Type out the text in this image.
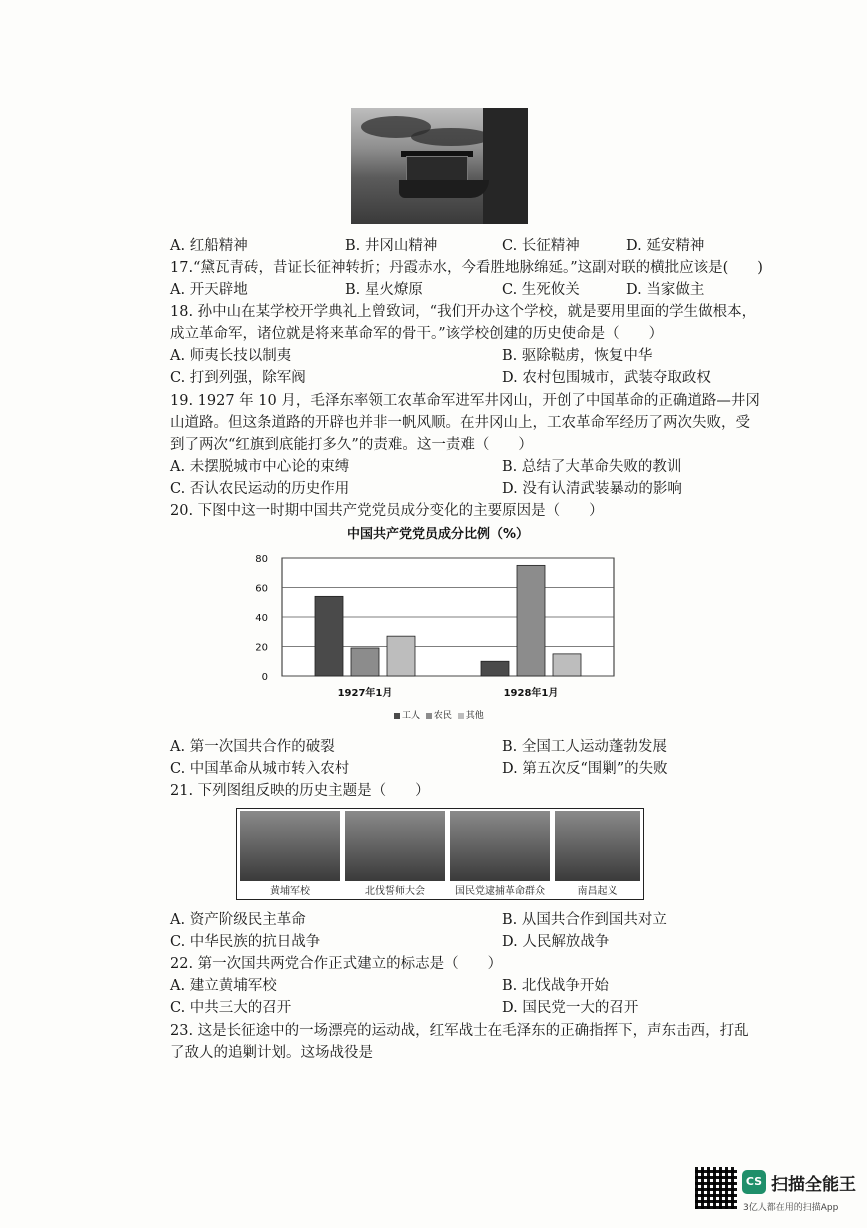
A. 红船精神	B. 井冈山精神	C. 长征精神	D. 延安精神
17.“黛瓦青砖，昔证长征神转折；丹霞赤水，今看胜地脉绵延。”这副对联的横批应该是(　　)
A. 开天辟地	B. 星火燎原	C. 生死攸关	D. 当家做主
18. 孙中山在某学校开学典礼上曾致词，“我们开办这个学校，就是要用里面的学生做根本，
成立革命军，诸位就是将来革命军的骨干。”该学校创建的历史使命是（　　）
A. 师夷长技以制夷	B. 驱除鞑虏，恢复中华
C. 打到列强，除军阀	D. 农村包围城市，武装夺取政权
19. 1927 年 10 月，毛泽东率领工农革命军进军井冈山，开创了中国革命的正确道路—井冈
山道路。但这条道路的开辟也并非一帆风顺。在井冈山上，工农革命军经历了两次失败，受
到了两次“红旗到底能打多久”的责难。这一责难（　　）
A. 未摆脱城市中心论的束缚	B. 总结了大革命失败的教训
C. 否认农民运动的历史作用	D. 没有认清武装暴动的影响
20. 下图中这一时期中国共产党党员成分变化的主要原因是（　　）
中国共产党党员成分比例（%）
80
60
40
20
0
1927年1月	1928年1月
工人 农民 其他
A. 第一次国共合作的破裂	B. 全国工人运动蓬勃发展
C. 中国革命从城市转入农村	D. 第五次反“围剿”的失败
21. 下列图组反映的历史主题是（　　）
黄埔军校	北伐誓师大会	国民党逮捕革命群众	南昌起义
A. 资产阶级民主革命	B. 从国共合作到国共对立
C. 中华民族的抗日战争	D. 人民解放战争
22. 第一次国共两党合作正式建立的标志是（　　）
A. 建立黄埔军校	B. 北伐战争开始
C. 中共三大的召开	D. 国民党一大的召开
23. 这是长征途中的一场漂亮的运动战，红军战士在毛泽东的正确指挥下，声东击西，打乱
了敌人的追剿计划。这场战役是
CS 扫描全能王
3亿人都在用的扫描App
